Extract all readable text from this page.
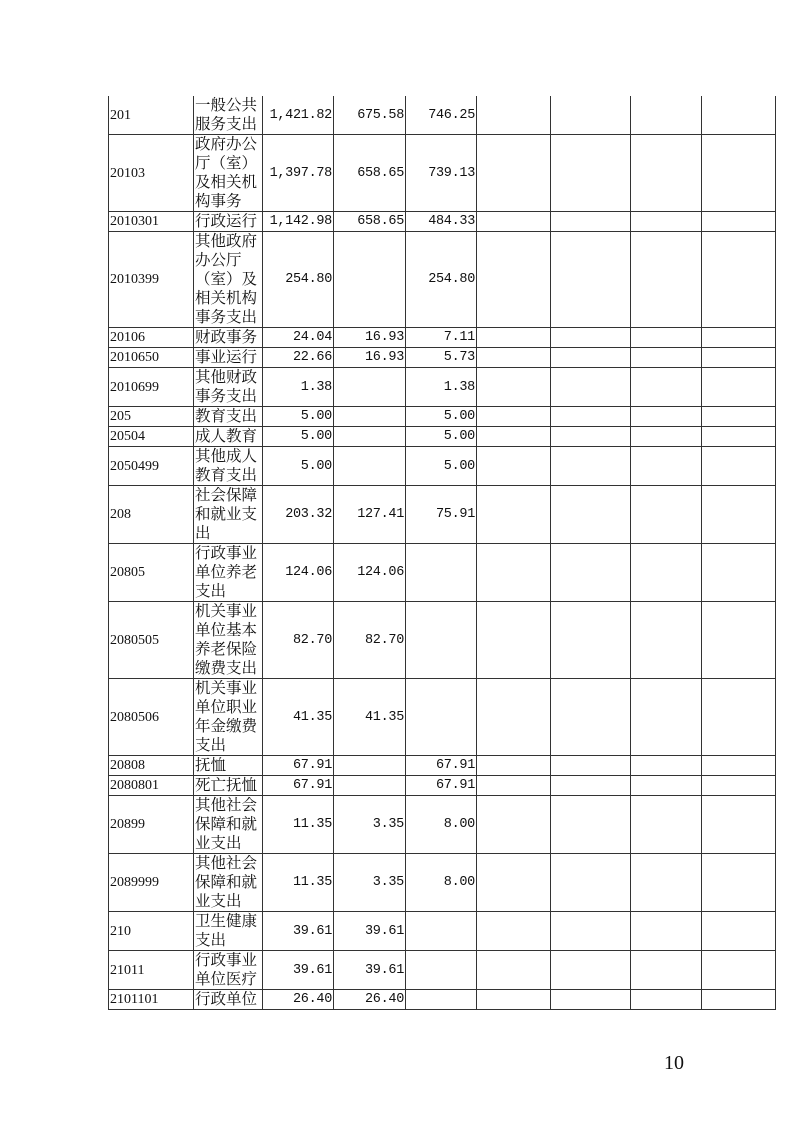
201	一般公共服务支出	1,421.82	675.58	746.25				
20103	政府办公厅（室）及相关机构事务	1,397.78	658.65	739.13				
2010301	行政运行	1,142.98	658.65	484.33				
2010399	其他政府办公厅（室）及相关机构事务支出	254.80		254.80				
20106	财政事务	24.04	16.93	7.11				
2010650	事业运行	22.66	16.93	5.73				
2010699	其他财政事务支出	1.38		1.38				
205	教育支出	5.00		5.00				
20504	成人教育	5.00		5.00				
2050499	其他成人教育支出	5.00		5.00				
208	社会保障和就业支出	203.32	127.41	75.91				
20805	行政事业单位养老支出	124.06	124.06					
2080505	机关事业单位基本养老保险缴费支出	82.70	82.70					
2080506	机关事业单位职业年金缴费支出	41.35	41.35					
20808	抚恤	67.91		67.91				
2080801	死亡抚恤	67.91		67.91				
20899	其他社会保障和就业支出	11.35	3.35	8.00				
2089999	其他社会保障和就业支出	11.35	3.35	8.00				
210	卫生健康支出	39.61	39.61					
21011	行政事业单位医疗	39.61	39.61					
2101101	行政单位	26.40	26.40					
10
